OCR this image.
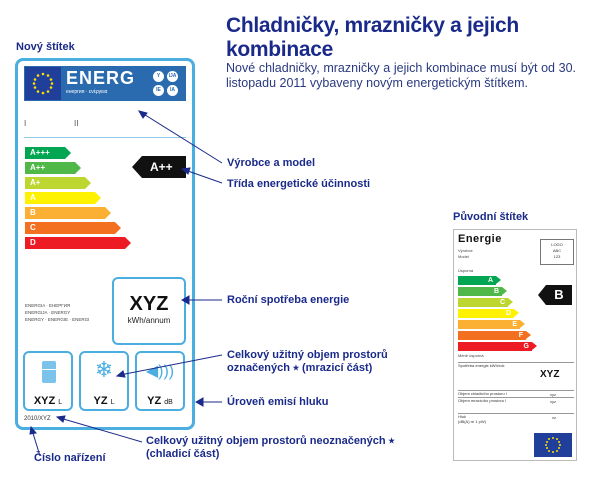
Chladničky, mrazničky a jejich kombinace
Nové chladničky, mrazničky a jejich kombinace musí být od 30. listopadu 2011 vybaveny novým energetickým štítkem.
Nový štítek
ENERG
енергия · ενέργεια
Y	IJA
IE	IA
I	II
A+++
A++
A+
A
B
C
D
A++
ENERGIA · ЕНЕРГИЯ
ENERGIJA · ENERGY
ENERGY · ENERGIE · ENERGI
XYZ
kWh/annum
XYZ L
❄
YZ L
◀)))
YZ dB
2010/XYZ
Výrobce a model
Třída energetické účinnosti
Roční spotřeba energie
Celkový užitný objem prostorů
označených ⭑ (mrazicí část)
Úroveň emisí hluku
Celkový užitný objem prostorů neoznačených ⭑
(chladicí část)
Číslo nařízení
Původní štítek
Energie
Výrobce
Model
LOGO
ABC
123
Úsporná
A
B
C
D
E
F
G
B
Méně úsporná
Spotřeba energie kWh/rok
XYZ
Objem chladicího prostoru l	xyz
Objem mrazicího prostoru l	xyz
Hluk
(dB(A) re 1 pW)
xz
